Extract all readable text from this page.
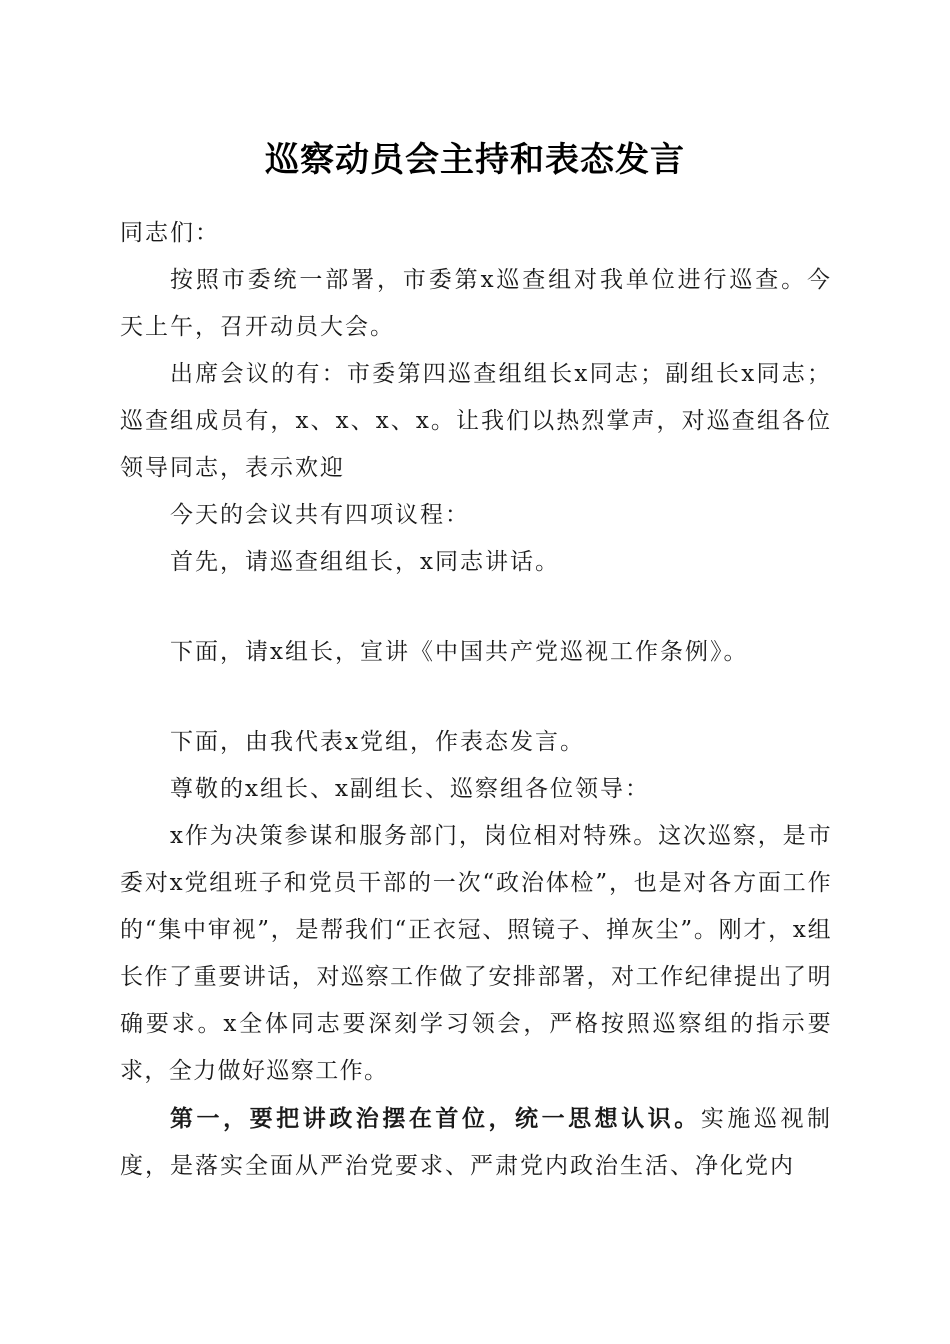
巡察动员会主持和表态发言

同志们：

按照市委统一部署，市委第x巡查组对我单位进行巡查。今天上午，召开动员大会。

出席会议的有：市委第四巡查组组长x同志；副组长x同志；巡查组成员有，x、x、x、x。让我们以热烈掌声，对巡查组各位领导同志，表示欢迎

今天的会议共有四项议程：

首先，请巡查组组长，x同志讲话。

下面，请x组长，宣讲《中国共产党巡视工作条例》。

下面，由我代表x党组，作表态发言。

尊敬的x组长、x副组长、巡察组各位领导：

x作为决策参谋和服务部门，岗位相对特殊。这次巡察，是市委对x党组班子和党员干部的一次“政治体检”，也是对各方面工作的“集中审视”，是帮我们“正衣冠、照镜子、掸灰尘”。刚才，x组长作了重要讲话，对巡察工作做了安排部署，对工作纪律提出了明确要求。x全体同志要深刻学习领会，严格按照巡察组的指示要求，全力做好巡察工作。

第一，要把讲政治摆在首位，统一思想认识。实施巡视制度，是落实全面从严治党要求、严肃党内政治生活、净化党内
